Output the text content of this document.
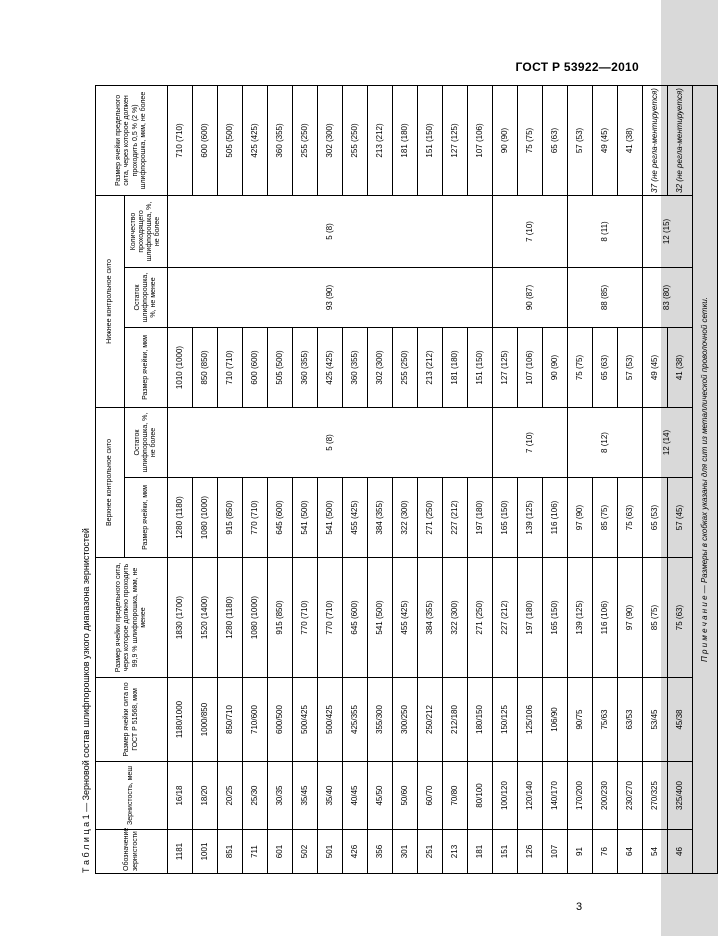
ГОСТ Р 53922—2010
Т а б л и ц а 1 — Зерновой состав шлифпорошков узкого диапазона зернистостей	Обозначение зернистости	Зернистость, меш	Размер ячейки сита по ГОСТ Р 51568, мкм	Размер ячейки предельного сита, через которое должно проходить 99,9 % шлифпорошка, мкм, не менее	Верхнее контрольное сито		Нижнее контрольное сито			Размер ячейки предельного сита, через которое должен проходить 0,5 % (2 %) шлифпорошка, мкм, не более
				Размер ячейки, мкм	Остаток шлифпорошка, %, не более	Размер ячейки, мкм	Остаток шлифпорошка, %, не менее	Количество проходящего шлифпорошка, %, не более	
1181	16/18	1180/1000	1830 (1700)	1280 (1180)	5 (8)	1010 (1000)	93 (90)	5 (8)	710 (710)
1001	18/20	1000/850	1520 (1400)	1080 (1000)		850 (850)			600 (600)
851	20/25	850/710	1280 (1180)	915 (850)		710 (710)			505 (500)
711	25/30	710/600	1080 (1000)	770 (710)		600 (600)			425 (425)
601	30/35	600/500	915 (850)	645 (600)		505 (500)			360 (355)
502	35/45	500/425	770 (710)	541 (500)		360 (355)			255 (250)
501	35/40	500/425	770 (710)	541 (500)		425 (425)			302 (300)
426	40/45	425/355	645 (600)	455 (425)		360 (355)			255 (250)
356	45/50	355/300	541 (500)	384 (355)		302 (300)			213 (212)
301	50/60	300/250	455 (425)	322 (300)		255 (250)			181 (180)
251	60/70	250/212	384 (355)	271 (250)		213 (212)			151 (150)
213	70/80	212/180	322 (300)	227 (212)		181 (180)			127 (125)
181	80/100	180/150	271 (250)	197 (180)		151 (150)			107 (106)
151	100/120	150/125	227 (212)	165 (150)	7 (10)	127 (125)	90 (87)	7 (10)	90 (90)
126	120/140	125/106	197 (180)	139 (125)		107 (106)			75 (75)
107	140/170	106/90	165 (150)	116 (106)		90 (90)			65 (63)
91	170/200	90/75	139 (125)	97 (90)	8 (12)	75 (75)	88 (85)	8 (11)	57 (53)
76	200/230	75/63	116 (106)	85 (75)		65 (63)			49 (45)
64	230/270	63/53	97 (90)	75 (63)		57 (53)			41 (38)
54	270/325	53/45	85 (75)	65 (53)	12 (14)	49 (45)	83 (80)	12 (15)	37 (не регла-ментируется)
46	325/400	45/38	75 (63)	57 (45)		41 (38)			32 (не регла-ментируется)
П р и м е ч а н и е — Размеры в скобках указаны для сит из металлической проволочной сетки.									
3
